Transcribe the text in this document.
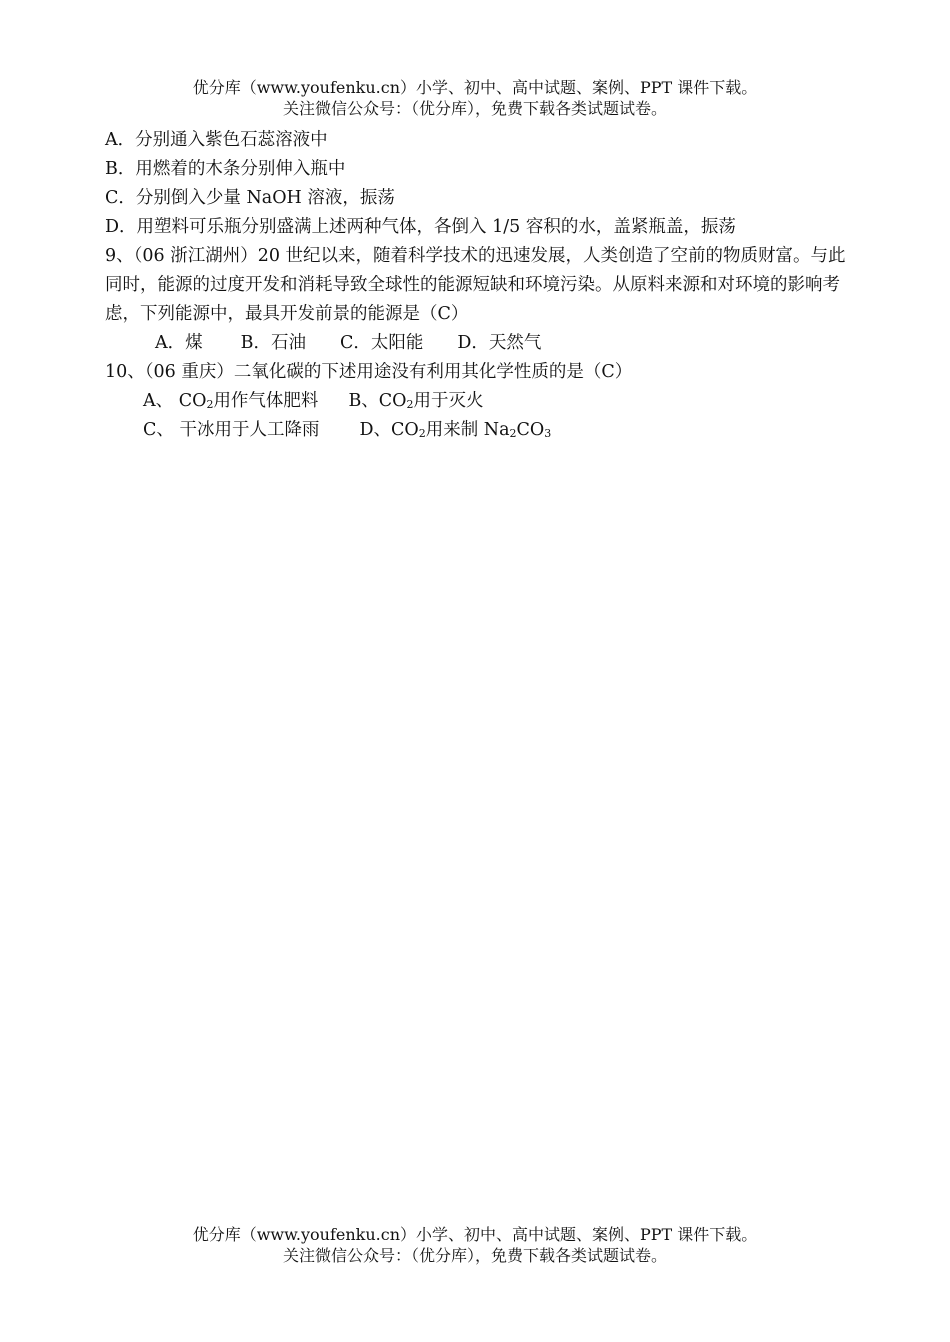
优分库（www.youfenku.cn）小学、初中、高中试题、案例、PPT 课件下载。
关注微信公众号：（优分库），免费下载各类试题试卷。
A．分别通入紫色石蕊溶液中
B．用燃着的木条分别伸入瓶中
C．分别倒入少量 NaOH 溶液，振荡
D．用塑料可乐瓶分别盛满上述两种气体，各倒入 1/5 容积的水，盖紧瓶盖，振荡
9、（06 浙江湖州）20 世纪以来，随着科学技术的迅速发展，人类创造了空前的物质财富。与此同时，能源的过度开发和消耗导致全球性的能源短缺和环境污染。从原料来源和对环境的影响考虑，下列能源中，最具开发前景的能源是（C）
A．煤 B．石油 C．太阳能 D．天然气
10、（06 重庆）二氧化碳的下述用途没有利用其化学性质的是（C）
A、 $CO_2$用作气体肥料 B、$CO_2$用于灭火
C、 干冰用于人工降雨 D、$CO_2$用来制 $Na_2CO_3$
优分库（www.youfenku.cn）小学、初中、高中试题、案例、PPT 课件下载。
关注微信公众号：（优分库），免费下载各类试题试卷。
